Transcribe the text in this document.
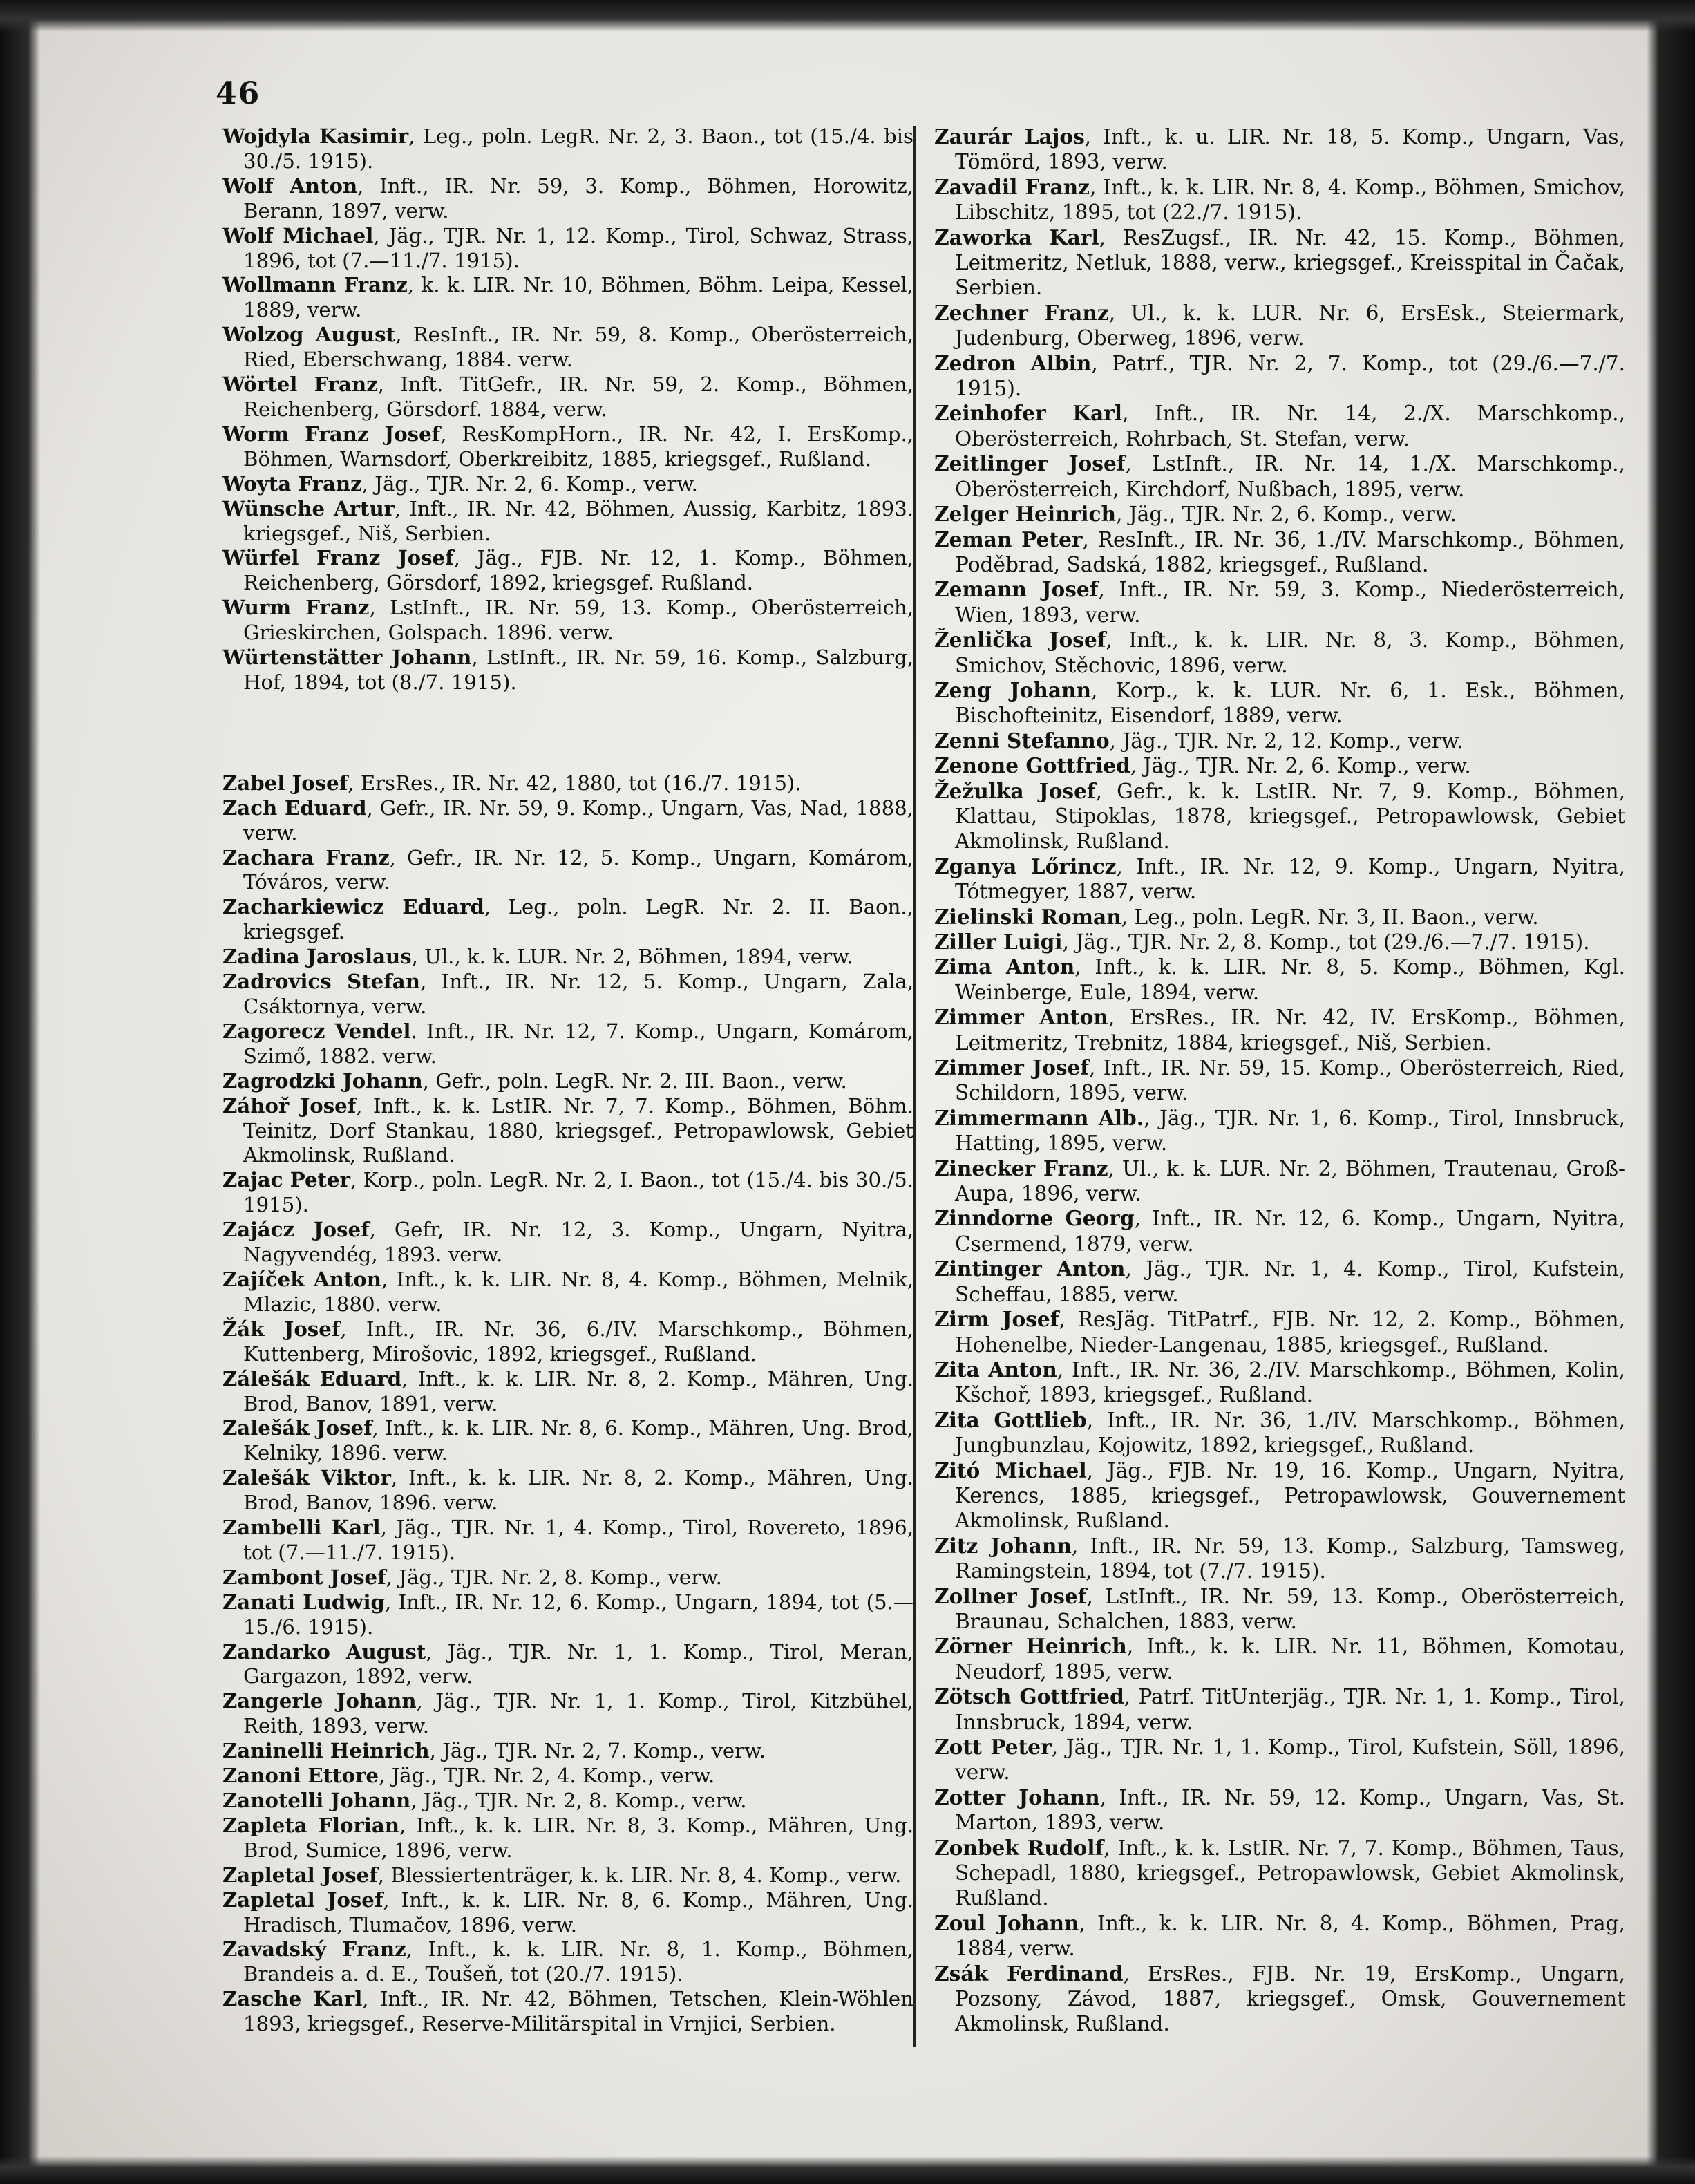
46

Wojdyla Kasimir, Leg., poln. LegR. Nr. 2, 3. Baon., tot (15./4. bis 30./5. 1915).

Wolf Anton, Inft., IR. Nr. 59, 3. Komp., Böhmen, Horowitz, Berann, 1897, verw.

Wolf Michael, Jäg., TJR. Nr. 1, 12. Komp., Tirol, Schwaz, Strass, 1896, tot (7.—11./7. 1915).

Wollmann Franz, k. k. LIR. Nr. 10, Böhmen, Böhm. Leipa, Kessel, 1889, verw.

Wolzog August, ResInft., IR. Nr. 59, 8. Komp., Oberösterreich, Ried, Eberschwang, 1884. verw.

Wörtel Franz, Inft. TitGefr., IR. Nr. 59, 2. Komp., Böhmen, Reichenberg, Görsdorf. 1884, verw.

Worm Franz Josef, ResKompHorn., IR. Nr. 42, I. ErsKomp., Böhmen, Warnsdorf, Oberkreibitz, 1885, kriegsgef., Rußland.

Woyta Franz, Jäg., TJR. Nr. 2, 6. Komp., verw.

Wünsche Artur, Inft., IR. Nr. 42, Böhmen, Aussig, Karbitz, 1893. kriegsgef., Niš, Serbien.

Würfel Franz Josef, Jäg., FJB. Nr. 12, 1. Komp., Böhmen, Reichenberg, Görsdorf, 1892, kriegsgef. Rußland.

Wurm Franz, LstInft., IR. Nr. 59, 13. Komp., Oberösterreich, Grieskirchen, Golspach. 1896. verw.

Würtenstätter Johann, LstInft., IR. Nr. 59, 16. Komp., Salzburg, Hof, 1894, tot (8./7. 1915).

Zabel Josef, ErsRes., IR. Nr. 42, 1880, tot (16./7. 1915).

Zach Eduard, Gefr., IR. Nr. 59, 9. Komp., Ungarn, Vas, Nad, 1888, verw.

Zachara Franz, Gefr., IR. Nr. 12, 5. Komp., Ungarn, Komárom, Tóváros, verw.

Zacharkiewicz Eduard, Leg., poln. LegR. Nr. 2. II. Baon., kriegsgef.

Zadina Jaroslaus, Ul., k. k. LUR. Nr. 2, Böhmen, 1894, verw.

Zadrovics Stefan, Inft., IR. Nr. 12, 5. Komp., Ungarn, Zala, Csáktornya, verw.

Zagorecz Vendel. Inft., IR. Nr. 12, 7. Komp., Ungarn, Komárom, Szimő, 1882. verw.

Zagrodzki Johann, Gefr., poln. LegR. Nr. 2. III. Baon., verw.

Záhoř Josef, Inft., k. k. LstIR. Nr. 7, 7. Komp., Böhmen, Böhm. Teinitz, Dorf Stankau, 1880, kriegsgef., Petropawlowsk, Gebiet Akmolinsk, Rußland.

Zajac Peter, Korp., poln. LegR. Nr. 2, I. Baon., tot (15./4. bis 30./5. 1915).

Zajácz Josef, Gefr, IR. Nr. 12, 3. Komp., Ungarn, Nyitra, Nagyvendég, 1893. verw.

Zajíček Anton, Inft., k. k. LIR. Nr. 8, 4. Komp., Böhmen, Melnik, Mlazic, 1880. verw.

Žák Josef, Inft., IR. Nr. 36, 6./IV. Marschkomp., Böhmen, Kuttenberg, Mirošovic, 1892, kriegsgef., Rußland.

Zálešák Eduard, Inft., k. k. LIR. Nr. 8, 2. Komp., Mähren, Ung. Brod, Banov, 1891, verw.

Zalešák Josef, Inft., k. k. LIR. Nr. 8, 6. Komp., Mähren, Ung. Brod, Kelniky, 1896. verw.

Zalešák Viktor, Inft., k. k. LIR. Nr. 8, 2. Komp., Mähren, Ung. Brod, Banov, 1896. verw.

Zambelli Karl, Jäg., TJR. Nr. 1, 4. Komp., Tirol, Rovereto, 1896, tot (7.—11./7. 1915).

Zambont Josef, Jäg., TJR. Nr. 2, 8. Komp., verw.

Zanati Ludwig, Inft., IR. Nr. 12, 6. Komp., Ungarn, 1894, tot (5.—15./6. 1915).

Zandarko August, Jäg., TJR. Nr. 1, 1. Komp., Tirol, Meran, Gargazon, 1892, verw.

Zangerle Johann, Jäg., TJR. Nr. 1, 1. Komp., Tirol, Kitzbühel, Reith, 1893, verw.

Zaninelli Heinrich, Jäg., TJR. Nr. 2, 7. Komp., verw.

Zanoni Ettore, Jäg., TJR. Nr. 2, 4. Komp., verw.

Zanotelli Johann, Jäg., TJR. Nr. 2, 8. Komp., verw.

Zapleta Florian, Inft., k. k. LIR. Nr. 8, 3. Komp., Mähren, Ung. Brod, Sumice, 1896, verw.

Zapletal Josef, Blessiertenträger, k. k. LIR. Nr. 8, 4. Komp., verw.

Zapletal Josef, Inft., k. k. LIR. Nr. 8, 6. Komp., Mähren, Ung. Hradisch, Tlumačov, 1896, verw.

Zavadský Franz, Inft., k. k. LIR. Nr. 8, 1. Komp., Böhmen, Brandeis a. d. E., Toušeň, tot (20./7. 1915).

Zasche Karl, Inft., IR. Nr. 42, Böhmen, Tetschen, Klein-Wöhlen 1893, kriegsgef., Reserve-Militärspital in Vrnjici, Serbien.

Zaurár Lajos, Inft., k. u. LIR. Nr. 18, 5. Komp., Ungarn, Vas, Tömörd, 1893, verw.

Zavadil Franz, Inft., k. k. LIR. Nr. 8, 4. Komp., Böhmen, Smichov, Libschitz, 1895, tot (22./7. 1915).

Zaworka Karl, ResZugsf., IR. Nr. 42, 15. Komp., Böhmen, Leitmeritz, Netluk, 1888, verw., kriegsgef., Kreisspital in Čačak, Serbien.

Zechner Franz, Ul., k. k. LUR. Nr. 6, ErsEsk., Steiermark, Judenburg, Oberweg, 1896, verw.

Zedron Albin, Patrf., TJR. Nr. 2, 7. Komp., tot (29./6.—7./7. 1915).

Zeinhofer Karl, Inft., IR. Nr. 14, 2./X. Marschkomp., Oberösterreich, Rohrbach, St. Stefan, verw.

Zeitlinger Josef, LstInft., IR. Nr. 14, 1./X. Marschkomp., Oberösterreich, Kirchdorf, Nußbach, 1895, verw.

Zelger Heinrich, Jäg., TJR. Nr. 2, 6. Komp., verw.

Zeman Peter, ResInft., IR. Nr. 36, 1./IV. Marschkomp., Böhmen, Poděbrad, Sadská, 1882, kriegsgef., Rußland.

Zemann Josef, Inft., IR. Nr. 59, 3. Komp., Niederösterreich, Wien, 1893, verw.

Ženlička Josef, Inft., k. k. LIR. Nr. 8, 3. Komp., Böhmen, Smichov, Stěchovic, 1896, verw.

Zeng Johann, Korp., k. k. LUR. Nr. 6, 1. Esk., Böhmen, Bischofteinitz, Eisendorf, 1889, verw.

Zenni Stefanno, Jäg., TJR. Nr. 2, 12. Komp., verw.

Zenone Gottfried, Jäg., TJR. Nr. 2, 6. Komp., verw.

Žežulka Josef, Gefr., k. k. LstIR. Nr. 7, 9. Komp., Böhmen, Klattau, Stipoklas, 1878, kriegsgef., Petropawlowsk, Gebiet Akmolinsk, Rußland.

Zganya Lőrincz, Inft., IR. Nr. 12, 9. Komp., Ungarn, Nyitra, Tótmegyer, 1887, verw.

Zielinski Roman, Leg., poln. LegR. Nr. 3, II. Baon., verw.

Ziller Luigi, Jäg., TJR. Nr. 2, 8. Komp., tot (29./6.—7./7. 1915).

Zima Anton, Inft., k. k. LIR. Nr. 8, 5. Komp., Böhmen, Kgl. Weinberge, Eule, 1894, verw.

Zimmer Anton, ErsRes., IR. Nr. 42, IV. ErsKomp., Böhmen, Leitmeritz, Trebnitz, 1884, kriegsgef., Niš, Serbien.

Zimmer Josef, Inft., IR. Nr. 59, 15. Komp., Oberösterreich, Ried, Schildorn, 1895, verw.

Zimmermann Alb., Jäg., TJR. Nr. 1, 6. Komp., Tirol, Innsbruck, Hatting, 1895, verw.

Zinecker Franz, Ul., k. k. LUR. Nr. 2, Böhmen, Trautenau, Groß-Aupa, 1896, verw.

Zinndorne Georg, Inft., IR. Nr. 12, 6. Komp., Ungarn, Nyitra, Csermend, 1879, verw.

Zintinger Anton, Jäg., TJR. Nr. 1, 4. Komp., Tirol, Kufstein, Scheffau, 1885, verw.

Zirm Josef, ResJäg. TitPatrf., FJB. Nr. 12, 2. Komp., Böhmen, Hohenelbe, Nieder-Langenau, 1885, kriegsgef., Rußland.

Zita Anton, Inft., IR. Nr. 36, 2./IV. Marschkomp., Böhmen, Kolin, Kšchoř, 1893, kriegsgef., Rußland.

Zita Gottlieb, Inft., IR. Nr. 36, 1./IV. Marschkomp., Böhmen, Jungbunzlau, Kojowitz, 1892, kriegsgef., Rußland.

Zitó Michael, Jäg., FJB. Nr. 19, 16. Komp., Ungarn, Nyitra, Kerencs, 1885, kriegsgef., Petropawlowsk, Gouvernement Akmolinsk, Rußland.

Zitz Johann, Inft., IR. Nr. 59, 13. Komp., Salzburg, Tamsweg, Ramingstein, 1894, tot (7./7. 1915).

Zollner Josef, LstInft., IR. Nr. 59, 13. Komp., Oberösterreich, Braunau, Schalchen, 1883, verw.

Zörner Heinrich, Inft., k. k. LIR. Nr. 11, Böhmen, Komotau, Neudorf, 1895, verw.

Zötsch Gottfried, Patrf. TitUnterjäg., TJR. Nr. 1, 1. Komp., Tirol, Innsbruck, 1894, verw.

Zott Peter, Jäg., TJR. Nr. 1, 1. Komp., Tirol, Kufstein, Söll, 1896, verw.

Zotter Johann, Inft., IR. Nr. 59, 12. Komp., Ungarn, Vas, St. Marton, 1893, verw.

Zonbek Rudolf, Inft., k. k. LstIR. Nr. 7, 7. Komp., Böhmen, Taus, Schepadl, 1880, kriegsgef., Petropawlowsk, Gebiet Akmolinsk, Rußland.

Zoul Johann, Inft., k. k. LIR. Nr. 8, 4. Komp., Böhmen, Prag, 1884, verw.

Zsák Ferdinand, ErsRes., FJB. Nr. 19, ErsKomp., Ungarn, Pozsony, Závod, 1887, kriegsgef., Omsk, Gouvernement Akmolinsk, Rußland.
